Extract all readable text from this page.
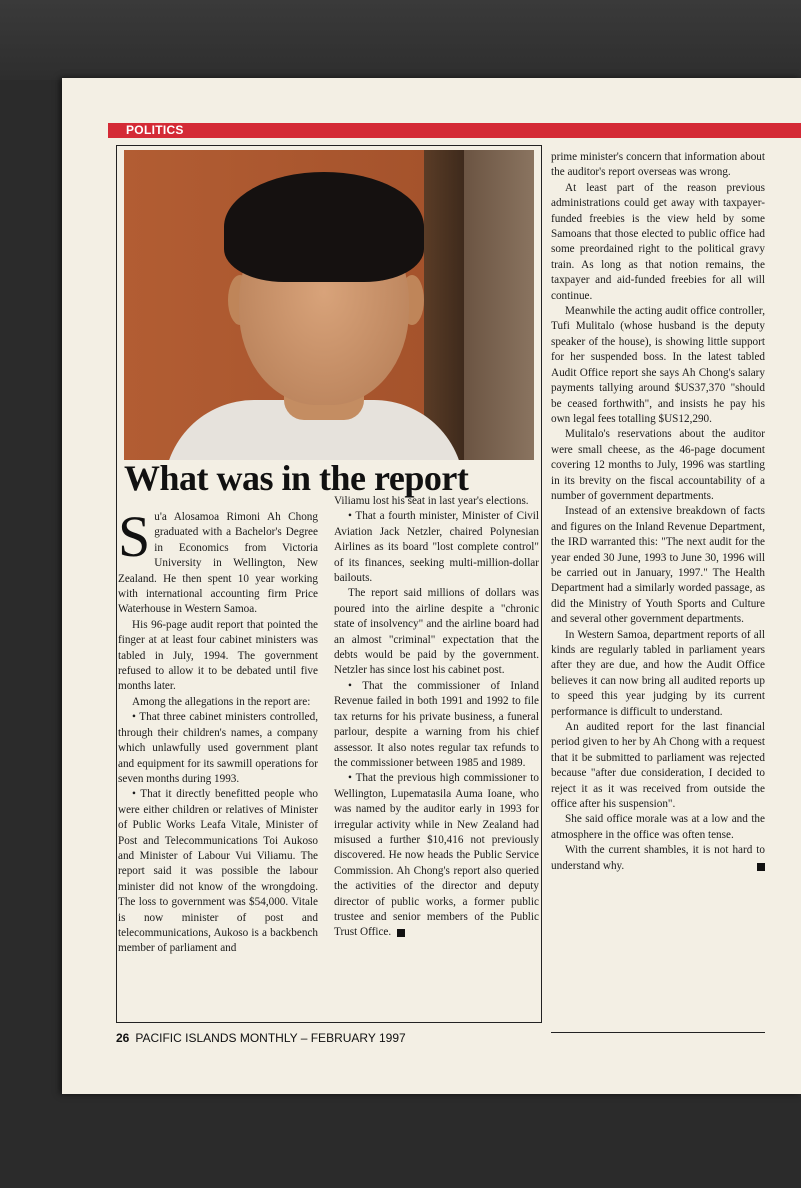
POLITICS
What was in the report

Su'a Alosamoa Rimoni Ah Chong graduated with a Bachelor's Degree in Economics from Victoria University in Wellington, New Zealand. He then spent 10 year working with international accounting firm Price Waterhouse in Western Samoa.

His 96-page audit report that pointed the finger at at least four cabinet ministers was tabled in July, 1994. The government refused to allow it to be debated until five months later.

Among the allegations in the report are:

• That three cabinet ministers controlled, through their children's names, a company which unlawfully used government plant and equipment for its sawmill operations for seven months during 1993.

• That it directly benefitted people who were either children or relatives of Minister of Public Works Leafa Vitale, Minister of Post and Telecommunications Toi Aukoso and Minister of Labour Vui Viliamu. The report said it was possible the labour minister did not know of the wrongdoing. The loss to government was $54,000. Vitale is now minister of post and telecommunications, Aukoso is a backbench member of parliament and

Viliamu lost his seat in last year's elections.

• That a fourth minister, Minister of Civil Aviation Jack Netzler, chaired Polynesian Airlines as its board "lost complete control" of its finances, seeking multi-million-dollar bailouts.

The report said millions of dollars was poured into the airline despite a "chronic state of insolvency" and the airline board had an almost "criminal" expectation that the debts would be paid by the government. Netzler has since lost his cabinet post.

• That the commissioner of Inland Revenue failed in both 1991 and 1992 to file tax returns for his private business, a funeral parlour, despite a warning from his chief assessor. It also notes regular tax refunds to the commissioner between 1985 and 1989.

• That the previous high commissioner to Wellington, Lupematasila Auma Ioane, who was named by the auditor early in 1993 for irregular activity while in New Zealand had misused a further $10,416 not previously discovered. He now heads the Public Service Commission. Ah Chong's report also queried the activities of the director and deputy director of public works, a former public trustee and senior members of the Public Trust Office.

prime minister's concern that information about the auditor's report overseas was wrong.

At least part of the reason previous administrations could get away with taxpayer-funded freebies is the view held by some Samoans that those elected to public office had some preordained right to the political gravy train. As long as that notion remains, the taxpayer and aid-funded freebies for all will continue.

Meanwhile the acting audit office controller, Tufi Mulitalo (whose husband is the deputy speaker of the house), is showing little support for her suspended boss. In the latest tabled Audit Office report she says Ah Chong's salary payments tallying around $US37,370 "should be ceased forthwith", and insists he pay his own legal fees totalling $US12,290.

Mulitalo's reservations about the auditor were small cheese, as the 46-page document covering 12 months to July, 1996 was startling in its brevity on the fiscal accountability of a number of government departments.

Instead of an extensive breakdown of facts and figures on the Inland Revenue Department, the IRD warranted this: "The next audit for the year ended 30 June, 1993 to June 30, 1996 will be carried out in January, 1997." The Health Department had a similarly worded passage, as did the Ministry of Youth Sports and Culture and several other government departments.

In Western Samoa, department reports of all kinds are regularly tabled in parliament years after they are due, and how the Audit Office believes it can now bring all audited reports up to speed this year judging by its current performance is difficult to understand.

An audited report for the last financial period given to her by Ah Chong with a request that it be submitted to parliament was rejected because "after due consideration, I decided to reject it as it was received from outside the office after his suspension".

She said office morale was at a low and the atmosphere in the office was often tense.

With the current shambles, it is not hard to understand why.

26 PACIFIC ISLANDS MONTHLY – FEBRUARY 1997
